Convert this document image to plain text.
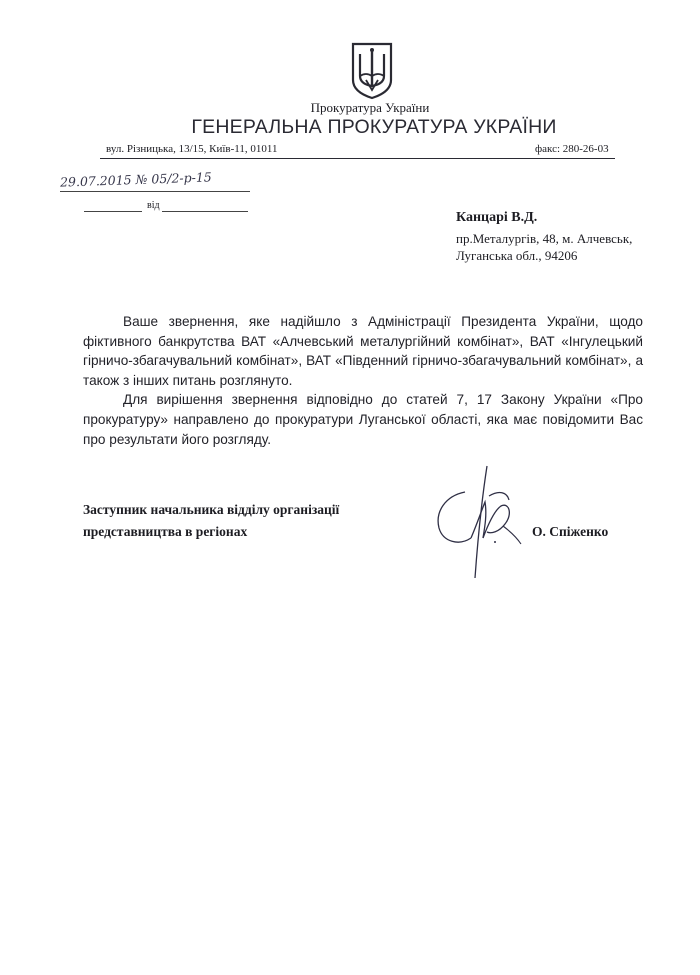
Прокуратура України
ГЕНЕРАЛЬНА ПРОКУРАТУРА УКРАЇНИ
вул. Різницька, 13/15, Київ-11, 01011	факс: 280-26-03
29.07.2015 № 05/2-р-15
від
Канцарі В.Д.
пр.Металургів, 48, м. Алчевськ,
Луганська обл., 94206

Ваше звернення, яке надійшло з Адміністрації Президента України, щодо фіктивного банкрутства ВАТ «Алчевський металургійний комбінат», ВАТ «Інгулецький гірничо-збагачувальний комбінат», ВАТ «Південний гірничо-збагачувальний комбінат», а також з інших питань розглянуто.

Для вирішення звернення відповідно до статей 7, 17 Закону України «Про прокуратуру» направлено до прокуратури Луганської області, яка має повідомити Вас про результати його розгляду.

Заступник начальника відділу організації
представництва в регіонах	О. Спіженко
